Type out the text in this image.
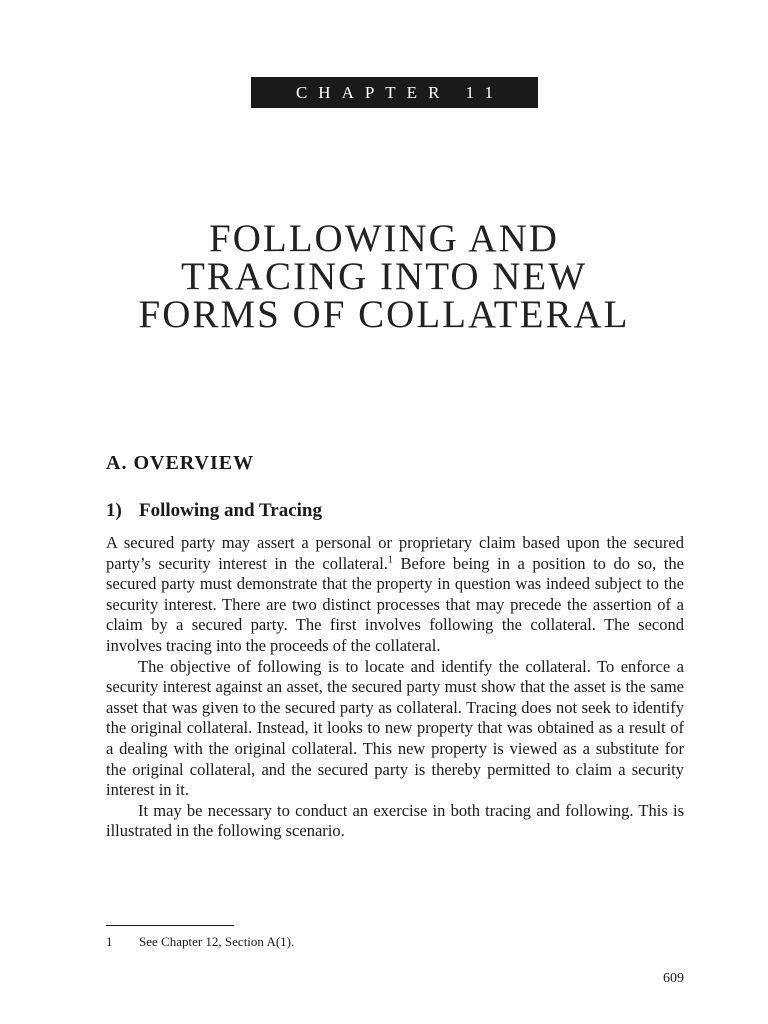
CHAPTER 11
FOLLOWING AND
TRACING INTO NEW
FORMS OF COLLATERAL
A. OVERVIEW
1) Following and Tracing

A secured party may assert a personal or proprietary claim based upon the secured party’s security interest in the collateral.$^1$ Before being in a position to do so, the secured party must demonstrate that the property in question was indeed subject to the security interest. There are two distinct processes that may precede the assertion of a claim by a secured party. The first involves following the collateral. The second involves tracing into the proceeds of the collateral.

The objective of following is to locate and identify the collateral. To enforce a security interest against an asset, the secured party must show that the asset is the same asset that was given to the secured party as collateral. Tracing does not seek to identify the original collateral. Instead, it looks to new property that was obtained as a result of a dealing with the original collateral. This new property is viewed as a substitute for the original collateral, and the secured party is thereby permitted to claim a security interest in it.

It may be necessary to conduct an exercise in both tracing and following. This is illustrated in the following scenario.

1 See Chapter 12, Section A(1).
609
